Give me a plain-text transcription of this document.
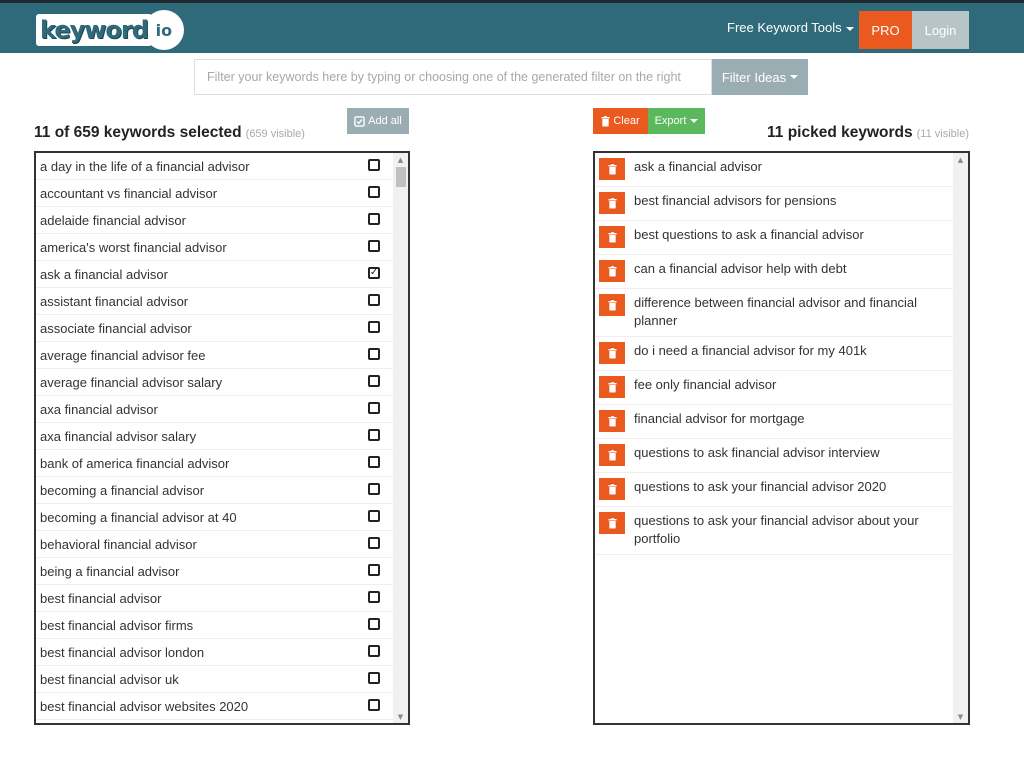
keyword io	Free Keyword Tools	PRO	Login
Filter your keywords here by typing or choosing one of the generated filter on the right
Filter Ideas
11 of 659 keywords selected (659 visible)
Add all	Clear Export
11 picked keywords (11 visible)
a day in the life of a financial advisor
accountant vs financial advisor
adelaide financial advisor
america's worst financial advisor
ask a financial advisor
✓
assistant financial advisor
associate financial advisor
average financial advisor fee
average financial advisor salary
axa financial advisor
axa financial advisor salary
bank of america financial advisor
becoming a financial advisor
becoming a financial advisor at 40
behavioral financial advisor
being a financial advisor
best financial advisor
best financial advisor firms
best financial advisor london
best financial advisor uk
best financial advisor websites 2020
▲
▼
ask a financial advisor
best financial advisors for pensions
best questions to ask a financial advisor
can a financial advisor help with debt
difference between financial advisor and financial planner
do i need a financial advisor for my 401k
fee only financial advisor
financial advisor for mortgage
questions to ask financial advisor interview
questions to ask your financial advisor 2020
questions to ask your financial advisor about your portfolio
▲
▼
